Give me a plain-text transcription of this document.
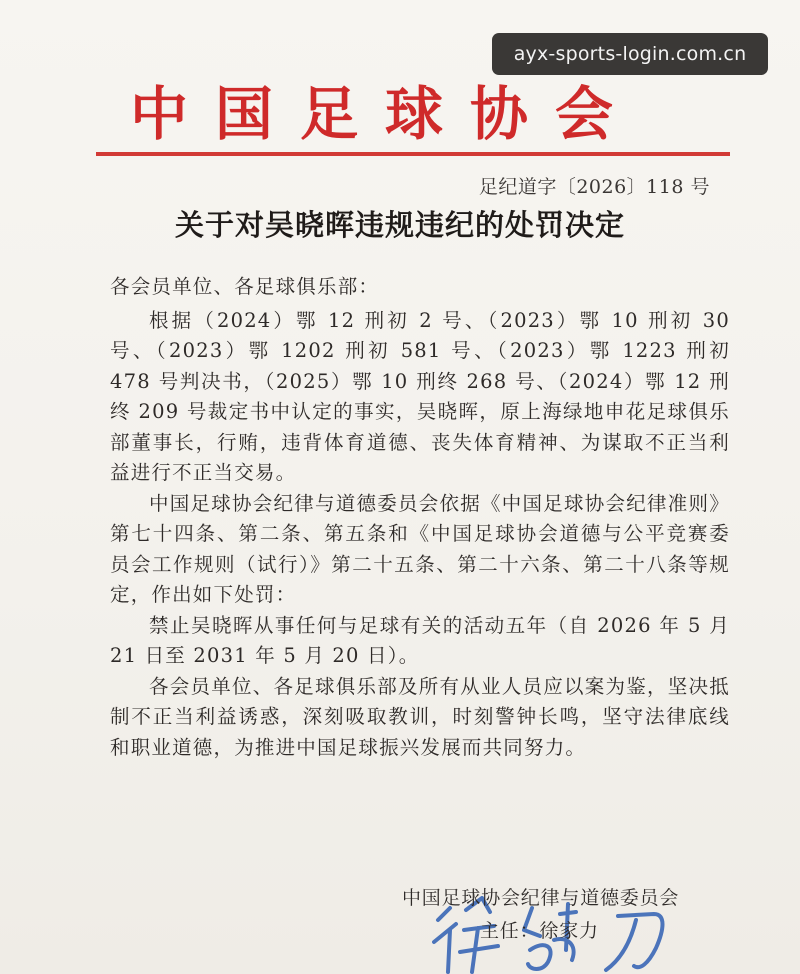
ayx-sports-login.com.cn
中国足球协会
足纪道字〔2026〕118 号
关于对吴晓晖违规违纪的处罚决定

各会员单位、各足球俱乐部：

根据（2024）鄂 12 刑初 2 号、（2023）鄂 10 刑初 30 号、（2023）鄂 1202 刑初 581 号、（2023）鄂 1223 刑初 478 号判决书，（2025）鄂 10 刑终 268 号、（2024）鄂 12 刑终 209 号裁定书中认定的事实，吴晓晖，原上海绿地申花足球俱乐部董事长，行贿，违背体育道德、丧失体育精神、为谋取不正当利益进行不正当交易。

中国足球协会纪律与道德委员会依据《中国足球协会纪律准则》第七十四条、第二条、第五条和《中国足球协会道德与公平竞赛委员会工作规则（试行）》第二十五条、第二十六条、第二十八条等规定，作出如下处罚：

禁止吴晓晖从事任何与足球有关的活动五年（自 2026 年 5 月 21 日至 2031 年 5 月 20 日）。

各会员单位、各足球俱乐部及所有从业人员应以案为鉴，坚决抵制不正当利益诱惑，深刻吸取教训，时刻警钟长鸣，坚守法律底线和职业道德，为推进中国足球振兴发展而共同努力。

中国足球协会纪律与道德委员会
主任：徐家力
